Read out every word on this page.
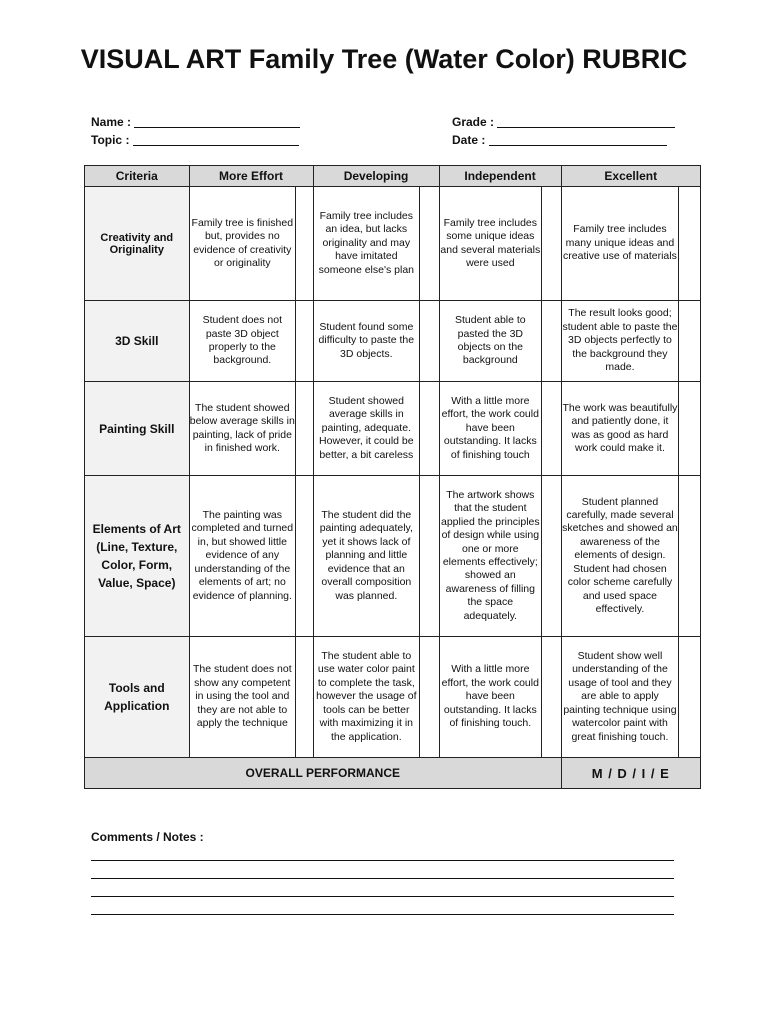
VISUAL ART Family Tree (Water Color) RUBRIC
Name :
Topic :
Grade :
Date :
Criteria	More Effort		Developing		Independent		Excellent	
Creativity and Originality	Family tree is finished but, provides no evidence of creativity or originality		Family tree includes an idea, but lacks originality and may have imitated someone else's plan		Family tree includes some unique ideas and several materials were used		Family tree includes many unique ideas and creative use of materials	
3D Skill	Student does not paste 3D object properly to the background.		Student found some difficulty to paste the 3D objects.		Student able to pasted the 3D objects on the background		The result looks good; student able to paste the 3D objects perfectly to the background they made.	
Painting Skill	The student showed below average skills in painting, lack of pride in finished work.		Student showed average skills in painting, adequate. However, it could be better, a bit careless		With a little more effort, the work could have been outstanding. It lacks of finishing touch		The work was beautifully and patiently done, it was as good as hard work could make it.	
Elements of Art (Line, Texture, Color, Form, Value, Space)	The painting was completed and turned in, but showed little evidence of any understanding of the elements of art; no evidence of planning.		The student did the painting adequately, yet it shows lack of planning and little evidence that an overall composition was planned.		The artwork shows that the student applied the principles of design while using one or more elements effectively; showed an awareness of filling the space adequately.		Student planned carefully, made several sketches and showed an awareness of the elements of design. Student had chosen color scheme carefully and used space effectively.	
Tools and Application	The student does not show any competent in using the tool and they are not able to apply the technique		The student able to use water color paint to complete the task, however the usage of tools can be better with maximizing it in the application.		With a little more effort, the work could have been outstanding. It lacks of finishing touch.		Student show well understanding of the usage of tool and they are able to apply painting technique using watercolor paint with great finishing touch.	
OVERALL PERFORMANCE							M / D / I / E	
Comments / Notes :
